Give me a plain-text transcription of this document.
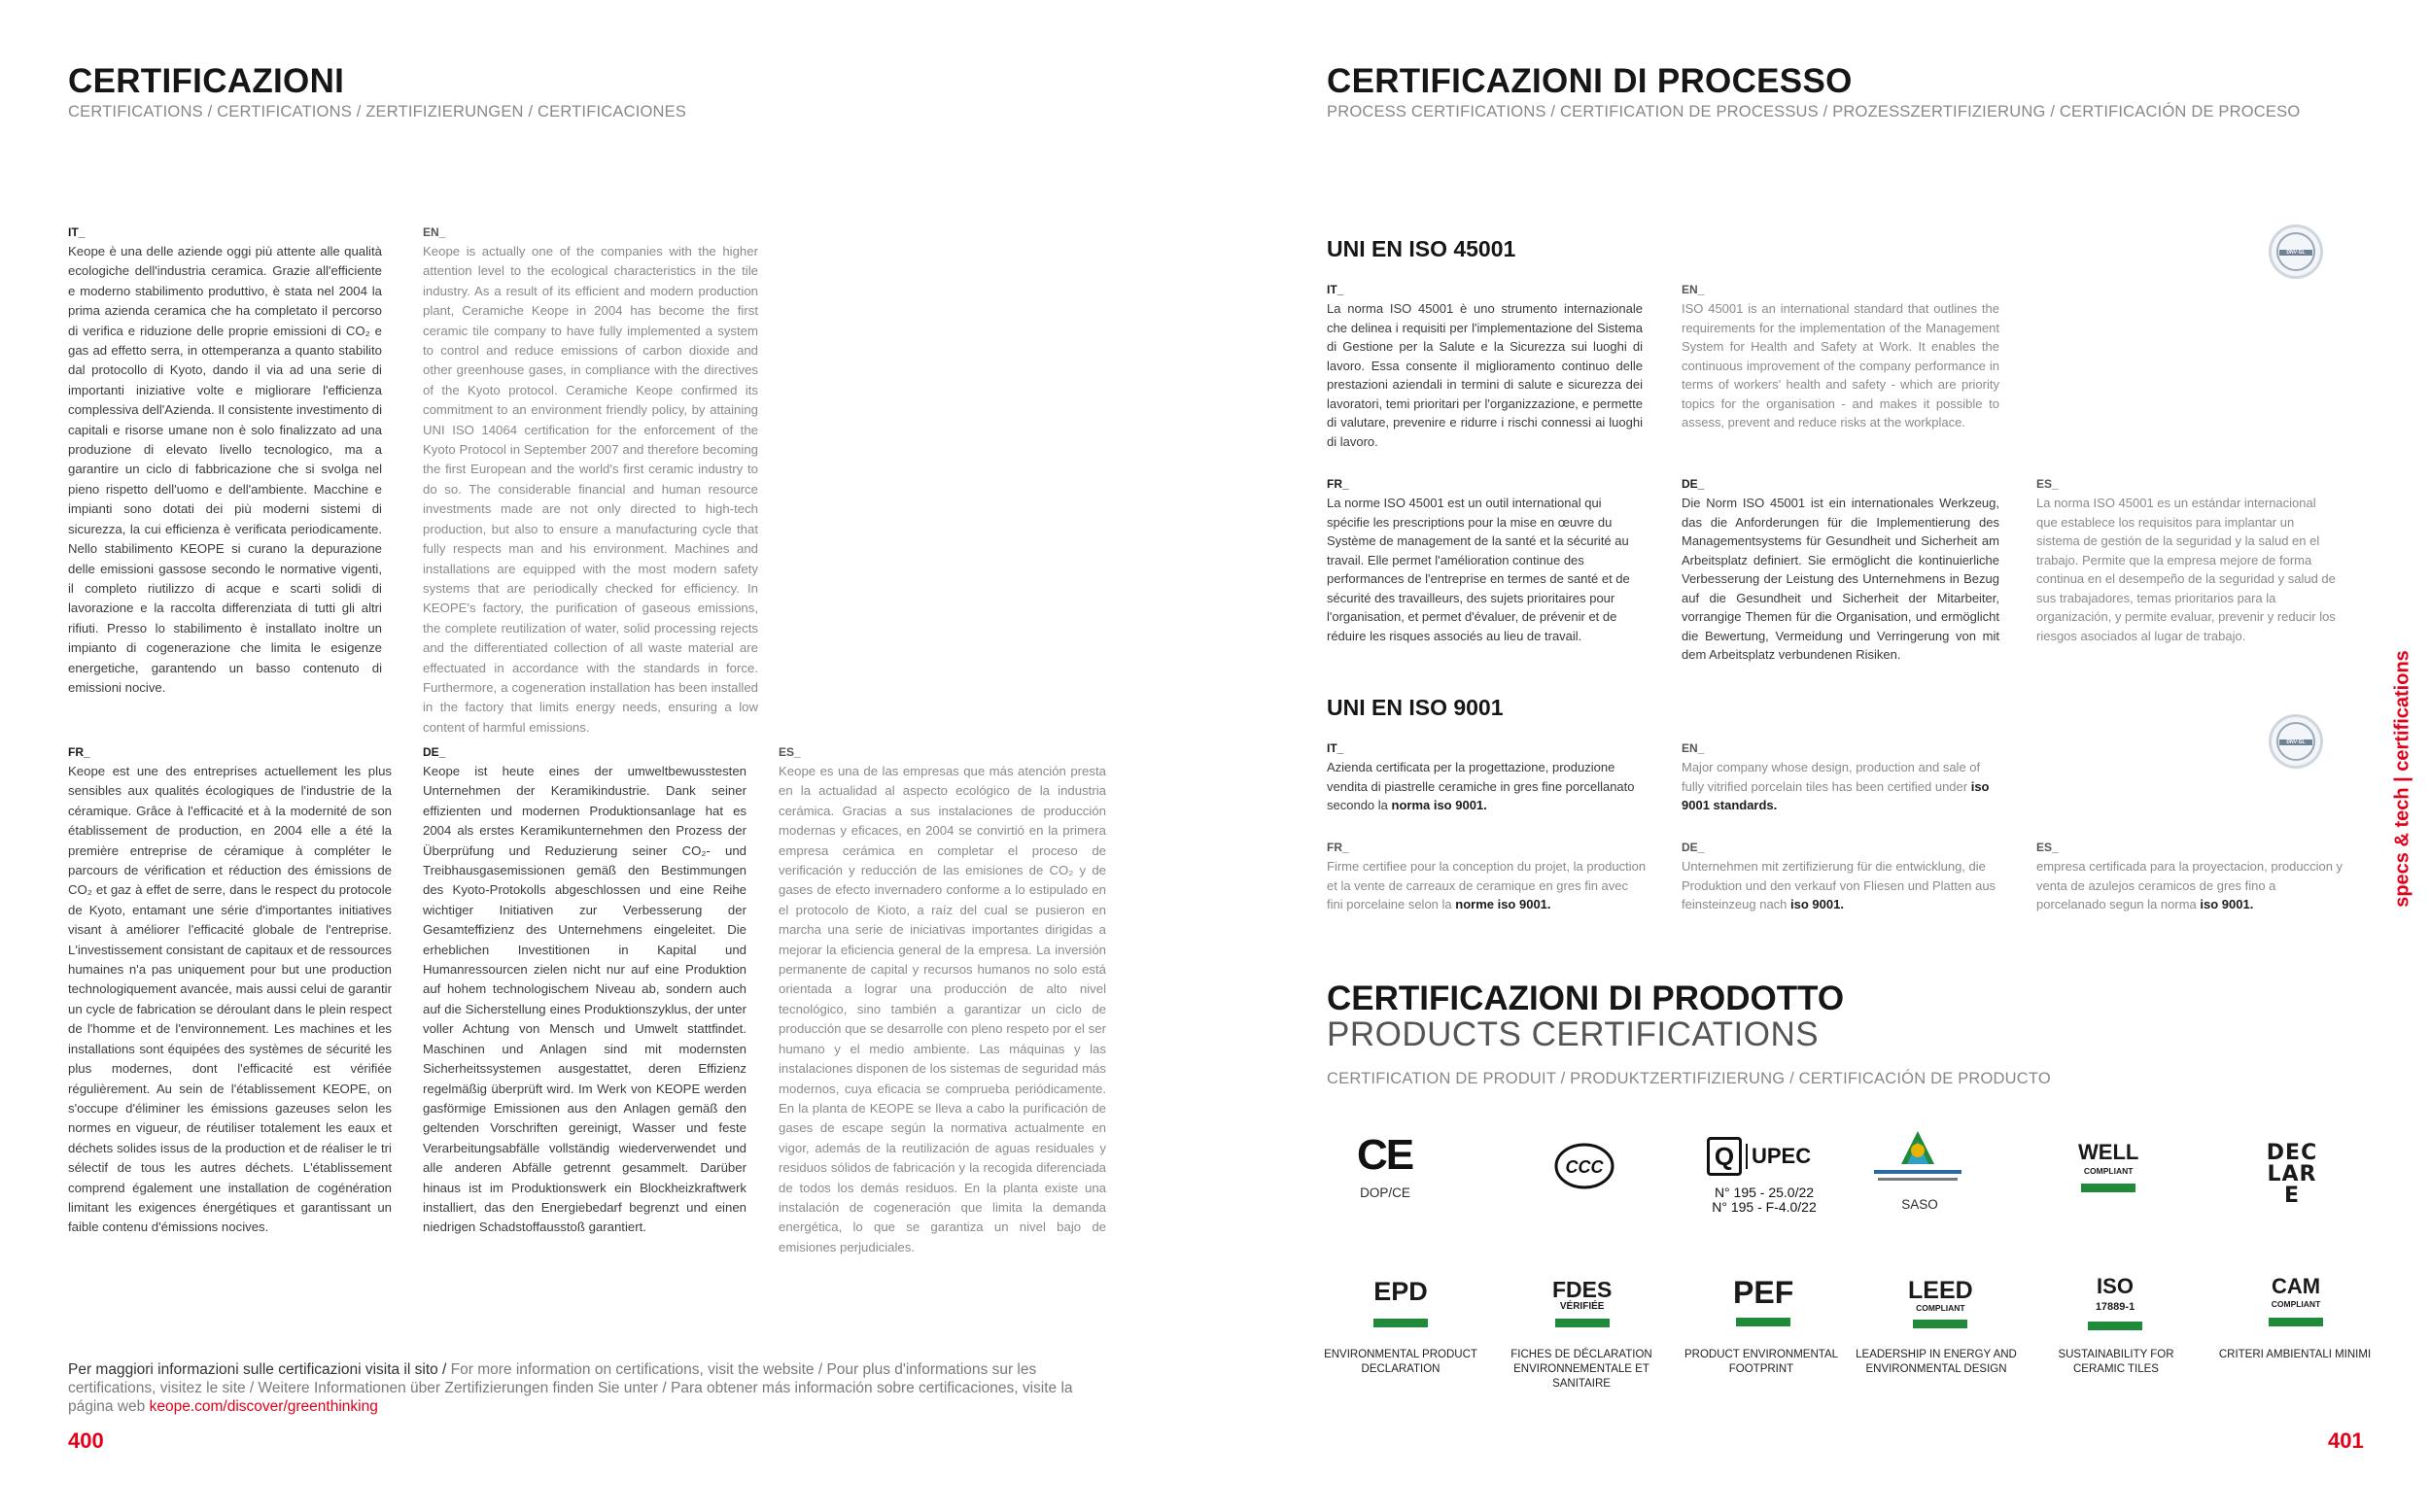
CERTIFICAZIONI
CERTIFICATIONS / CERTIFICATIONS / ZERTIFIZIERUNGEN / CERTIFICACIONES
IT_
Keope è una delle aziende oggi più attente alle qualità ecologiche dell'industria ceramica. Grazie all'efficiente e moderno stabilimento produttivo, è stata nel 2004 la prima azienda ceramica che ha completato il percorso di verifica e riduzione delle proprie emissioni di CO₂ e gas ad effetto serra, in ottemperanza a quanto stabilito dal protocollo di Kyoto, dando il via ad una serie di importanti iniziative volte e migliorare l'efficienza complessiva dell'Azienda. Il consistente investimento di capitali e risorse umane non è solo finalizzato ad una produzione di elevato livello tecnologico, ma a garantire un ciclo di fabbricazione che si svolga nel pieno rispetto dell'uomo e dell'ambiente. Macchine e impianti sono dotati dei più moderni sistemi di sicurezza, la cui efficienza è verificata periodicamente. Nello stabilimento KEOPE si curano la depurazione delle emissioni gassose secondo le normative vigenti, il completo riutilizzo di acque e scarti solidi di lavorazione e la raccolta differenziata di tutti gli altri rifiuti. Presso lo stabilimento è installato inoltre un impianto di cogenerazione che limita le esigenze energetiche, garantendo un basso contenuto di emissioni nocive.
EN_
Keope is actually one of the companies with the higher attention level to the ecological characteristics in the tile industry. As a result of its efficient and modern production plant, Ceramiche Keope in 2004 has become the first ceramic tile company to have fully implemented a system to control and reduce emissions of carbon dioxide and other greenhouse gases, in compliance with the directives of the Kyoto protocol. Ceramiche Keope confirmed its commitment to an environment friendly policy, by attaining UNI ISO 14064 certification for the enforcement of the Kyoto Protocol in September 2007 and therefore becoming the first European and the world's first ceramic industry to do so. The considerable financial and human resource investments made are not only directed to high-tech production, but also to ensure a manufacturing cycle that fully respects man and his environment. Machines and installations are equipped with the most modern safety systems that are periodically checked for efficiency. In KEOPE's factory, the purification of gaseous emissions, the complete reutilization of water, solid processing rejects and the differentiated collection of all waste material are effectuated in accordance with the standards in force. Furthermore, a cogeneration installation has been installed in the factory that limits energy needs, ensuring a low content of harmful emissions.
FR_
Keope est une des entreprises actuellement les plus sensibles aux qualités écologiques de l'industrie de la céramique. Grâce à l'efficacité et à la modernité de son établissement de production, en 2004 elle a été la première entreprise de céramique à compléter le parcours de vérification et réduction des émissions de CO₂ et gaz à effet de serre, dans le respect du protocole de Kyoto, entamant une série d'importantes initiatives visant à améliorer l'efficacité globale de l'entreprise. L'investissement consistant de capitaux et de ressources humaines n'a pas uniquement pour but une production technologiquement avancée, mais aussi celui de garantir un cycle de fabrication se déroulant dans le plein respect de l'homme et de l'environnement. Les machines et les installations sont équipées des systèmes de sécurité les plus modernes, dont l'efficacité est vérifiée régulièrement. Au sein de l'établissement KEOPE, on s'occupe d'éliminer les émissions gazeuses selon les normes en vigueur, de réutiliser totalement les eaux et déchets solides issus de la production et de réaliser le tri sélectif de tous les autres déchets. L'établissement comprend également une installation de cogénération limitant les exigences énergétiques et garantissant un faible contenu d'émissions nocives.
DE_
Keope ist heute eines der umweltbewusstesten Unternehmen der Keramikindustrie. Dank seiner effizienten und modernen Produktionsanlage hat es 2004 als erstes Keramikunternehmen den Prozess der Überprüfung und Reduzierung seiner CO₂- und Treibhausgasemissionen gemäß den Bestimmungen des Kyoto-Protokolls abgeschlossen und eine Reihe wichtiger Initiativen zur Verbesserung der Gesamteffizienz des Unternehmens eingeleitet. Die erheblichen Investitionen in Kapital und Humanressourcen zielen nicht nur auf eine Produktion auf hohem technologischem Niveau ab, sondern auch auf die Sicherstellung eines Produktionszyklus, der unter voller Achtung von Mensch und Umwelt stattfindet. Maschinen und Anlagen sind mit modernsten Sicherheitssystemen ausgestattet, deren Effizienz regelmäßig überprüft wird. Im Werk von KEOPE werden gasförmige Emissionen aus den Anlagen gemäß den geltenden Vorschriften gereinigt, Wasser und feste Verarbeitungsabfälle vollständig wiederverwendet und alle anderen Abfälle getrennt gesammelt. Darüber hinaus ist im Produktionswerk ein Blockheizkraftwerk installiert, das den Energiebedarf begrenzt und einen niedrigen Schadstoffausstoß garantiert.
ES_
Keope es una de las empresas que más atención presta en la actualidad al aspecto ecológico de la industria cerámica. Gracias a sus instalaciones de producción modernas y eficaces, en 2004 se convirtió en la primera empresa cerámica en completar el proceso de verificación y reducción de las emisiones de CO₂ y de gases de efecto invernadero conforme a lo estipulado en el protocolo de Kioto, a raíz del cual se pusieron en marcha una serie de iniciativas importantes dirigidas a mejorar la eficiencia general de la empresa. La inversión permanente de capital y recursos humanos no solo está orientada a lograr una producción de alto nivel tecnológico, sino también a garantizar un ciclo de producción que se desarrolle con pleno respeto por el ser humano y el medio ambiente. Las máquinas y las instalaciones disponen de los sistemas de seguridad más modernos, cuya eficacia se comprueba periódicamente. En la planta de KEOPE se lleva a cabo la purificación de gases de escape según la normativa actualmente en vigor, además de la reutilización de aguas residuales y residuos sólidos de fabricación y la recogida diferenciada de todos los demás residuos. En la planta existe una instalación de cogeneración que limita la demanda energética, lo que se garantiza un nivel bajo de emisiones perjudiciales.
Per maggiori informazioni sulle certificazioni visita il sito / For more information on certifications, visit the website / Pour plus d'informations sur les certifications, visitez le site / Weitere Informationen über Zertifizierungen finden Sie unter / Para obtener más información sobre certificaciones, visite la página web keope.com/discover/greenthinking
400
CERTIFICAZIONI DI PROCESSO
PROCESS CERTIFICATIONS / CERTIFICATION DE PROCESSUS / PROZESSZERTIFIZIERUNG / CERTIFICACIÓN DE PROCESO
UNI EN ISO 45001	DNV·GL
IT_
La norma ISO 45001 è uno strumento internazionale che delinea i requisiti per l'implementazione del Sistema di Gestione per la Salute e la Sicurezza sui luoghi di lavoro. Essa consente il miglioramento continuo delle prestazioni aziendali in termini di salute e sicurezza dei lavoratori, temi prioritari per l'organizzazione, e permette di valutare, prevenire e ridurre i rischi connessi ai luoghi di lavoro.
EN_
ISO 45001 is an international standard that outlines the requirements for the implementation of the Management System for Health and Safety at Work. It enables the continuous improvement of the company performance in terms of workers' health and safety - which are priority topics for the organisation - and makes it possible to assess, prevent and reduce risks at the workplace.
FR_
La norme ISO 45001 est un outil international qui spécifie les prescriptions pour la mise en œuvre du Système de management de la santé et la sécurité au travail. Elle permet l'amélioration continue des performances de l'entreprise en termes de santé et de sécurité des travailleurs, des sujets prioritaires pour l'organisation, et permet d'évaluer, de prévenir et de réduire les risques associés au lieu de travail.
DE_
Die Norm ISO 45001 ist ein internationales Werkzeug, das die Anforderungen für die Implementierung des Managementsystems für Gesundheit und Sicherheit am Arbeitsplatz definiert. Sie ermöglicht die kontinuierliche Verbesserung der Leistung des Unternehmens in Bezug auf die Gesundheit und Sicherheit der Mitarbeiter, vorrangige Themen für die Organisation, und ermöglicht die Bewertung, Vermeidung und Verringerung von mit dem Arbeitsplatz verbundenen Risiken.
ES_
La norma ISO 45001 es un estándar internacional que establece los requisitos para implantar un sistema de gestión de la seguridad y la salud en el trabajo. Permite que la empresa mejore de forma continua en el desempeño de la seguridad y salud de sus trabajadores, temas prioritarios para la organización, y permite evaluar, prevenir y reducir los riesgos asociados al lugar de trabajo.
UNI EN ISO 9001
DNV·GL
IT_
Azienda certificata per la progettazione, produzione vendita di piastrelle ceramiche in gres fine porcellanato secondo la norma iso 9001.
EN_
Major company whose design, production and sale of fully vitrified porcelain tiles has been certified under iso 9001 standards.
FR_
Firme certifiee pour la conception du projet, la production et la vente de carreaux de ceramique en gres fin avec fini porcelaine selon la norme iso 9001.
DE_
Unternehmen mit zertifizierung für die entwicklung, die Produktion und den verkauf von Fliesen und Platten aus feinsteinzeug nach iso 9001.
ES_
empresa certificada para la proyectacion, produccion y venta de azulejos ceramicos de gres fino a porcelanado segun la norma iso 9001.
CERTIFICAZIONI DI PRODOTTO
PRODUCTS CERTIFICATIONS
CERTIFICATION DE PRODUIT / PRODUKTZERTIFIZIERUNG / CERTIFICACIÓN DE PRODUCTO
CE
DOP/CE
CCC	Q UPEC
N° 195 - 25.0/22
N° 195 - F-4.0/22	SASO
WELL
COMPLIANT
DECLARE
EPD
ENVIRONMENTAL PRODUCT DECLARATION
FDES
VÉRIFIÉE
FICHES DE DÉCLARATION ENVIRONNEMENTALE ET SANITAIRE
PEF
PRODUCT ENVIRONMENTAL FOOTPRINT
LEED
COMPLIANT
LEADERSHIP IN ENERGY AND ENVIRONMENTAL DESIGN
ISO
17889-1
SUSTAINABILITY FOR CERAMIC TILES
CAM
COMPLIANT
CRITERI AMBIENTALI MINIMI
specs & tech | certifications
401
